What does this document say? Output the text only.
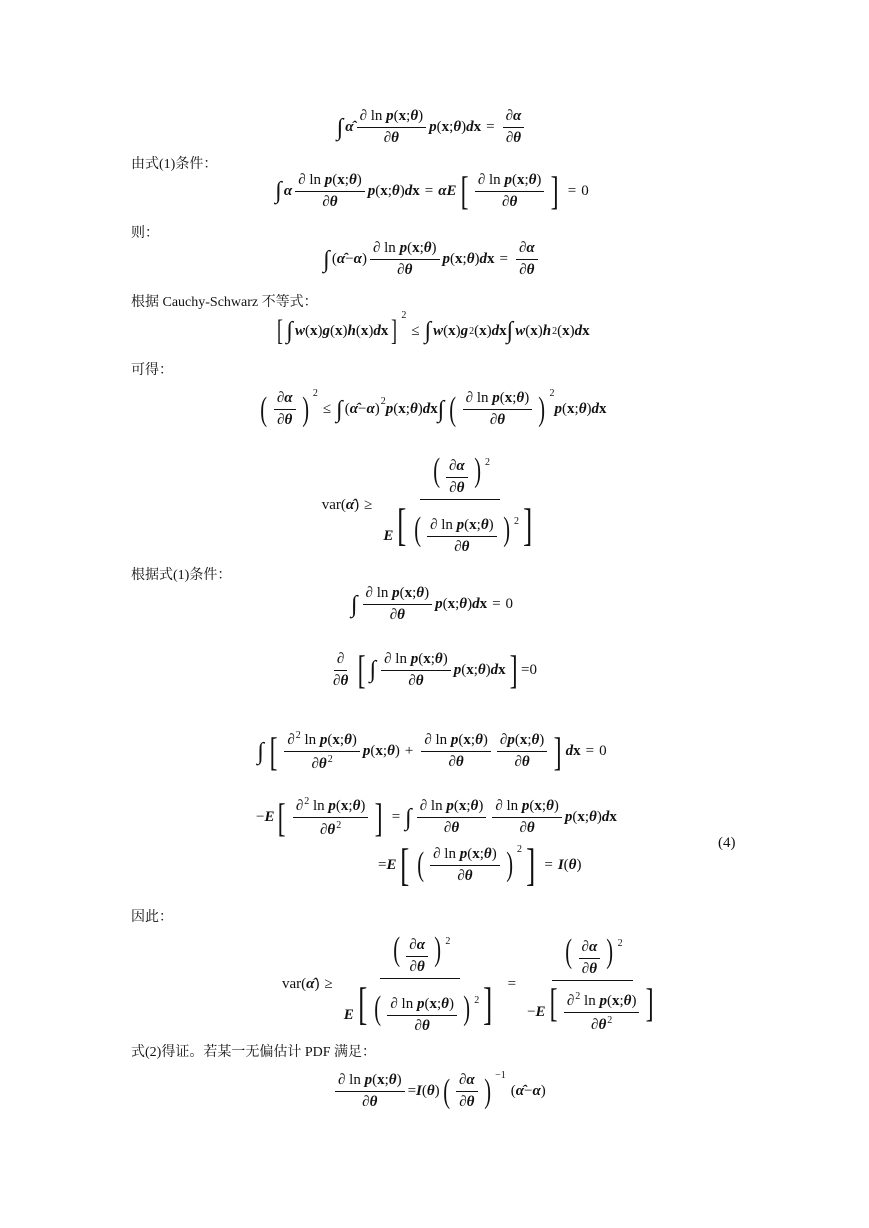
∫ α̂ $\frac{\text{∂ ln p(x;θ)}}{\partial\theta}$ p ( x ; θ ) d $x = \frac{\partial\alpha}{\partial\theta}$
由式(1)条件：
∫ α $\frac{\text{∂ ln p(x;θ)}}{\partial\theta}$ p ( x ; θ ) d x = α E [ $\frac{\text{∂ ln p(x;θ)}}{\partial\theta}$ ] = 0
则：
∫ ( α̂ − α ) $\frac{\text{∂ ln p(x;θ)}}{\partial\theta}$ p ( x ; θ ) d $x = \frac{\partial\alpha}{\partial\theta}$
根据 Cauchy-Schwarz 不等式：
[ ∫ w ( x ) g ( x ) h ( x ) d x ] 2
≤ ∫ w ( x ) g 2 ( x ) d x ∫ w ( x ) h 2 ( x ) d x
可得：
( $\frac{\partial\alpha}{\partial\theta}$ ) 2
≤ ∫ ( α̂ − α ) 2 p ( x ; θ ) d x ∫ ( $\frac{\text{∂ ln p(x;θ)}}{\partial\theta}$ ) 2
p ( x ; θ ) d x
var ( α̂ ) ≥ $\frac{( \frac{\partial\alpha}{\partial\theta} ) ^2}{E[ ( \frac{\text{∂ ln p(x;θ)}}{\partial\theta} ) ^2]}$
根据式(1)条件：
∫ $\frac{\text{∂ ln p(x;θ)}}{\partial\theta}$ p ( x ; θ ) d x = 0
$\frac{\partial}{\partial\theta}$ [ ∫ $\frac{\text{∂ ln p(x;θ)}}{\partial\theta}$ p ( x ; θ ) d x ] =0
∫ [ $\frac{\partial^2 \ln p(x;\theta)}{\partial\theta^2}$ p ( x ; θ ) + $\frac{\text{∂ ln p(x;θ)}}{\partial\theta} \frac{\partial p(x;\theta)}{\partial\theta}$ ] d x = 0
− E [ $\frac{\partial^2 \ln p(x;\theta)}{\partial\theta^2}$ ] = ∫ $\frac{\text{∂ ln p(x;θ)}}{\partial\theta} \frac{\text{∂ ln p(x;θ)}}{\partial\theta}$ p ( x ; θ ) d x
= E [ ( $\frac{\text{∂ ln p(x;θ)}}{\partial\theta}$ ) 2 ] = I ( θ )
(4)
因此：
var( α̂ ) ≥ $\frac{( \frac{\partial\alpha}{\partial\theta} ) ^2}{E[ ( \frac{\text{∂ ln p(x;θ)}}{\partial\theta} ) ^2]} = \frac{( \frac{\partial\alpha}{\partial\theta} ) ^2}{-E[ \frac{\partial^2 \ln p(x;\theta)}{\partial\theta^2} ]}$
式(2)得证。若某一无偏估计 PDF 满足：
$\frac{\text{∂ ln p(x;θ)}}{\partial\theta} = I$ ( θ ) ( $\frac{\partial\alpha}{\partial\theta}$ ) −1
( α̂ − α )
